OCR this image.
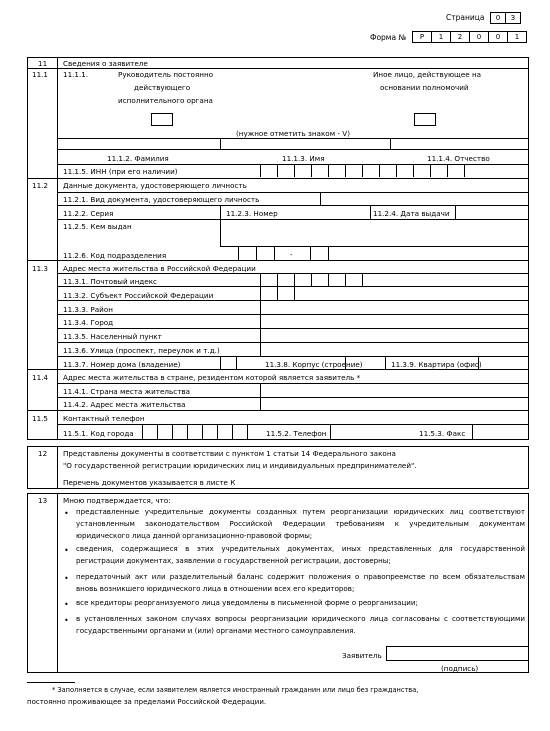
Страница	0	3
Форма №	Р	1	2	0	0	1
11 Сведения о заявителе
11.1 11.1.1.	Руководитель постоянно
действующего
исполнительного органа
Иное лицо, действующее на
основании полномочий
(нужное отметить знаком - V)
11.1.2. Фамилия	11.1.3. Имя	11.1.4. Отчество
11.1.5. ИНН (при его наличии)
11.2 Данные документа, удостоверяющего личность
11.2.1. Вид документа, удостоверяющего личность
11.2.2. Серия	11.2.3. Номер	11.2.4. Дата выдачи
11.2.5. Кем выдан
11.2.6. Код подразделения	-
11.3 Адрес места жительства в Российской Федерации
11.3.1. Почтовый индекс
11.3.2. Субъект Российской Федерации
11.3.3. Район
11.3.4. Город
11.3.5. Населенный пункт
11.3.6. Улица (проспект, переулок и т.д.)
11.3.7. Номер дома (владение)	11.3.8. Корпус (строение)	11.3.9. Квартира (офис)
11.4 Адрес места жительства в стране, резидентом которой является заявитель *
11.4.1. Страна места жительства
11.4.2. Адрес места жительства
11.5 Контактный телефон
11.5.1. Код города	11.5.2. Телефон	11.5.3. Факс
12 Представлены документы в соответствии с пунктом 1 статьи 14 Федерального закона
"О государственной регистрации юридических лиц и индивидуальных предпринимателей".
Перечень документов указывается в листе К
13 Мною подтверждается, что:
• представленные учредительные документы созданных путем реорганизации юридических лиц соответствуют установленным законодательством Российской Федерации требованиям к учредительным документам юридического лица данной организационно-правовой формы;
• сведения, содержащиеся в этих учредительных документах, иных представленных для государственной регистрации документах, заявлении о государственной регистрации, достоверны;
• передаточный акт или разделительный баланс содержит положения о правопреемстве по всем обязательствам вновь возникшего юридического лица в отношении всех его кредиторов;
• все кредиторы реорганизуемого лица уведомлены в письменной форме о реорганизации;
• в установленных законом случаях вопросы реорганизации юридического лица согласованы с соответствующими государственными органами и (или) органами местного самоуправления.
Заявитель
(подпись)
* Заполняется в случае, если заявителем является иностранный гражданин или лицо без гражданства,
постоянно проживающее за пределами Российской Федерации.
